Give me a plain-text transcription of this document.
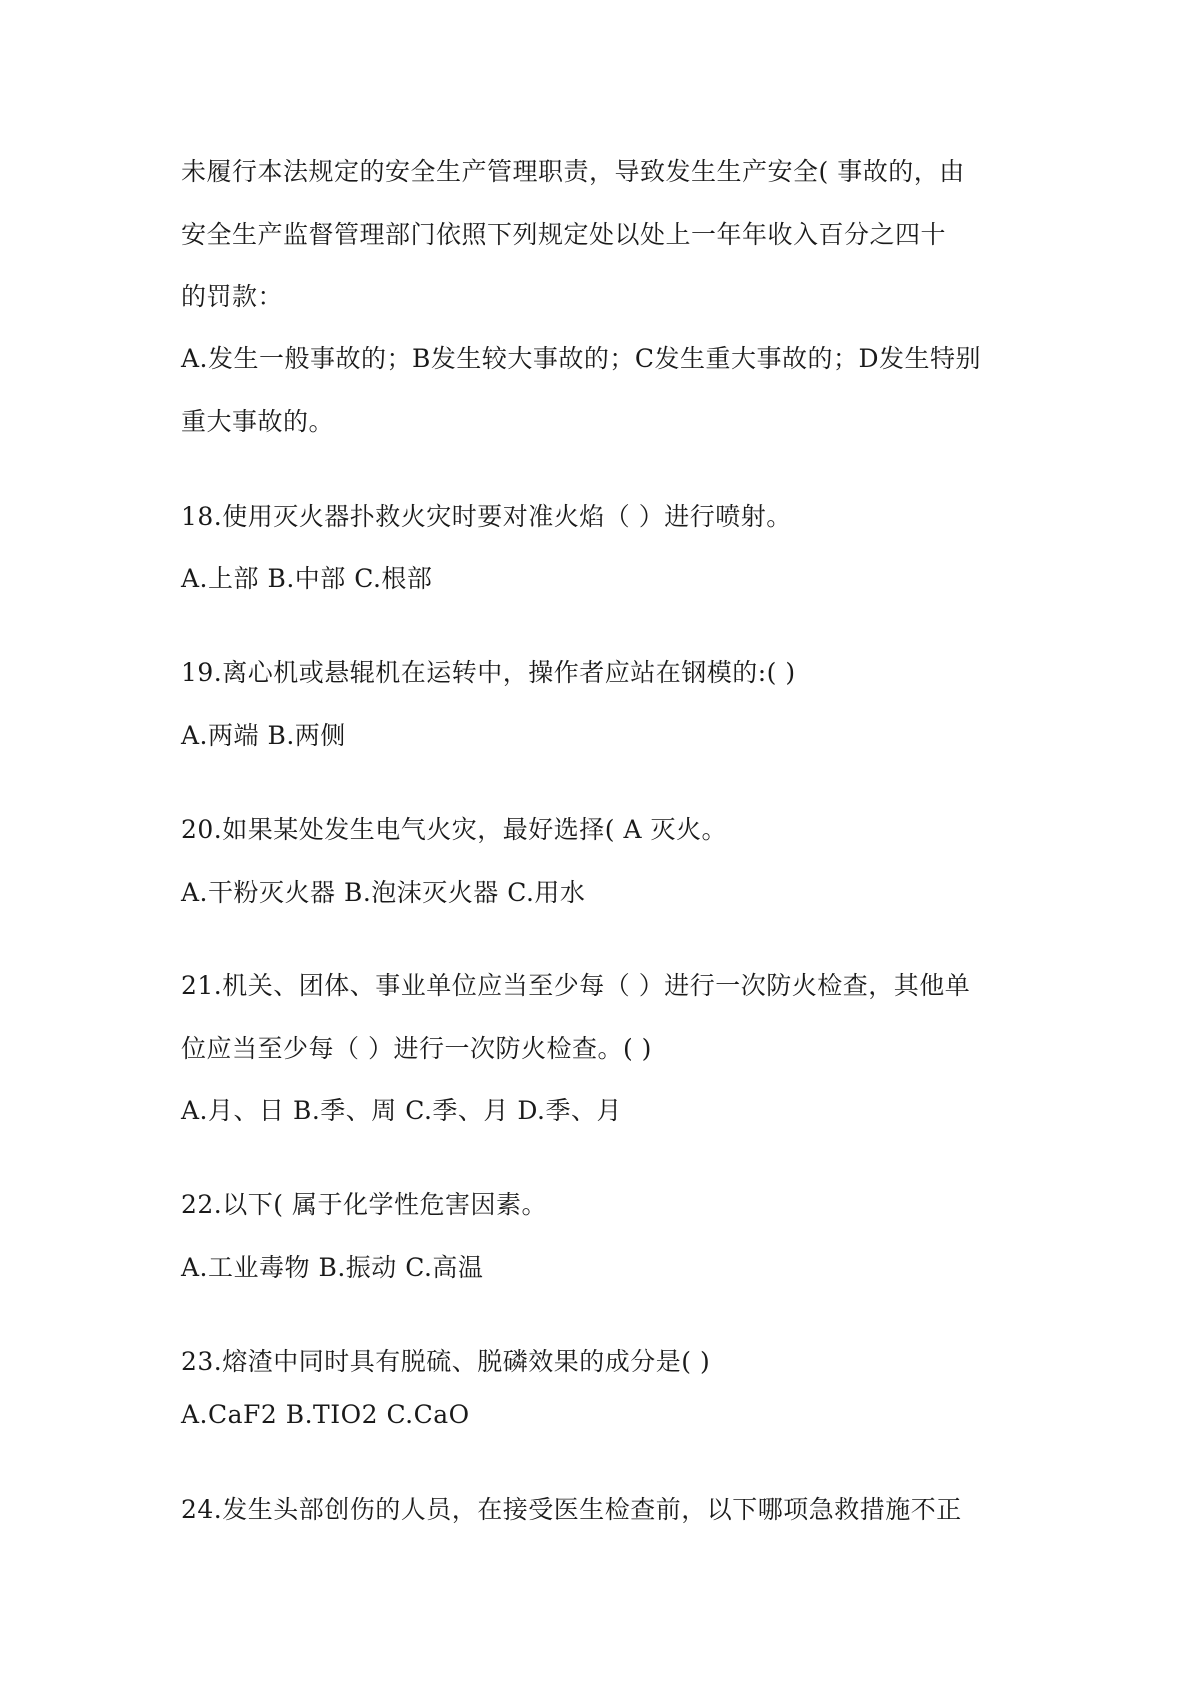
未履行本法规定的安全生产管理职责，导致发生生产安全( 事故的，由
安全生产监督管理部门依照下列规定处以处上一年年收入百分之四十
的罚款：
A.发生一般事故的；B发生较大事故的；C发生重大事故的；D发生特别
重大事故的。
18.使用灭火器扑救火灾时要对准火焰（ ）进行喷射。
A.上部 B.中部 C.根部
19.离心机或悬辊机在运转中，操作者应站在钢模的:( )
A.两端 B.两侧
20.如果某处发生电气火灾，最好选择( A 灭火。
A.干粉灭火器 B.泡沫灭火器 C.用水
21.机关、团体、事业单位应当至少每（ ）进行一次防火检查，其他单
位应当至少每（ ）进行一次防火检查。( )
A.月、日 B.季、周 C.季、月 D.季、月
22.以下( 属于化学性危害因素。
A.工业毒物 B.振动 C.高温
23.熔渣中同时具有脱硫、脱磷效果的成分是( )
A.CaF2 B.TIO2 C.CaO
24.发生头部创伤的人员，在接受医生检查前，以下哪项急救措施不正
